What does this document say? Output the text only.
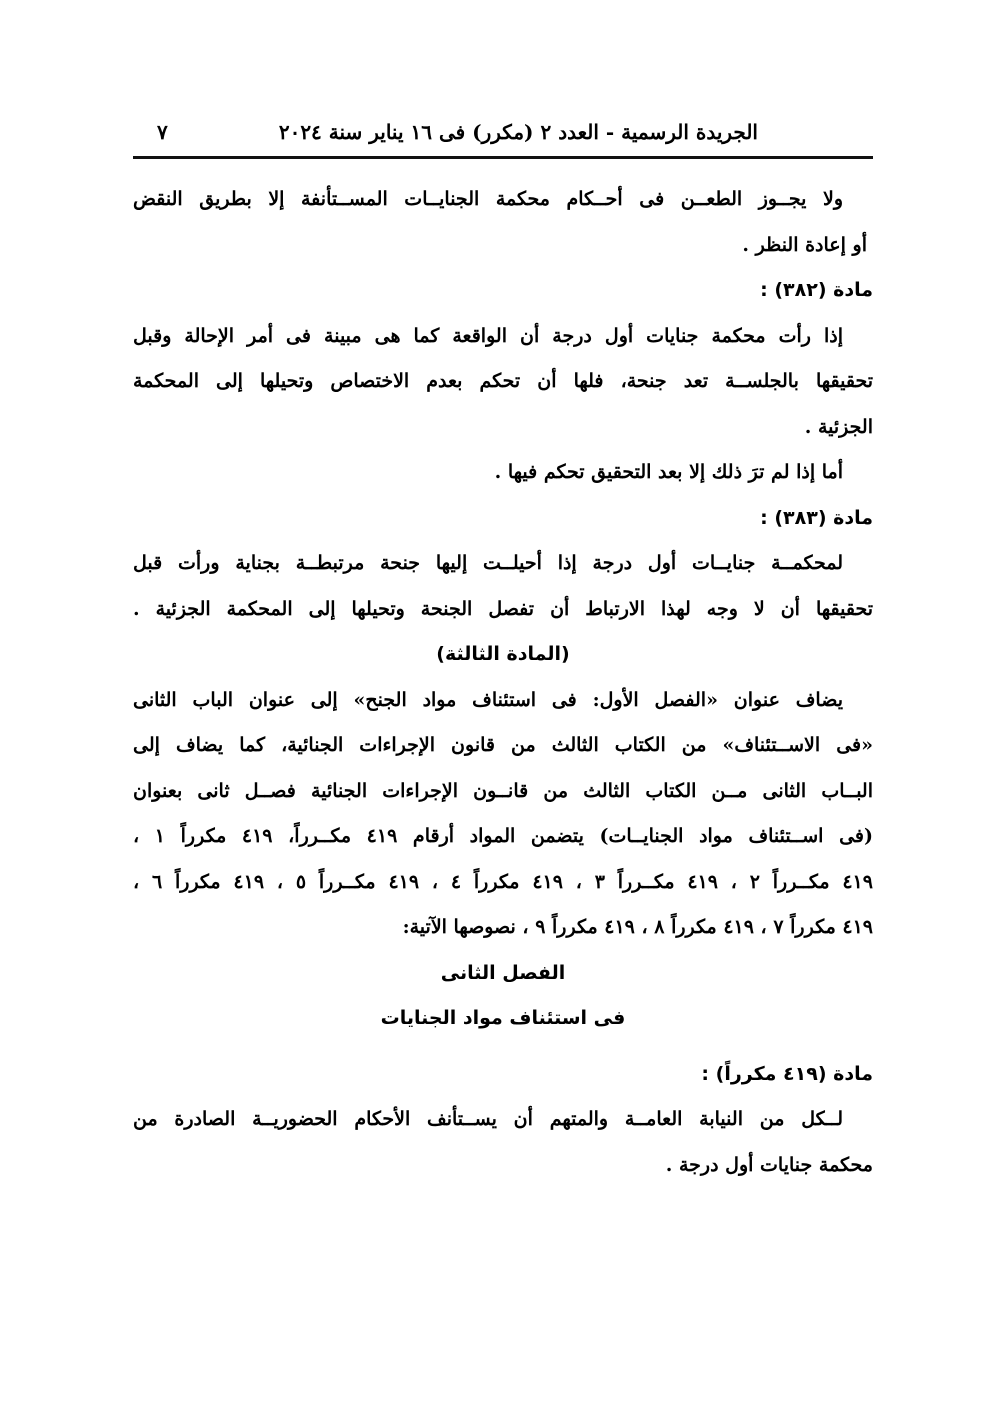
الجريدة الرسمية - العدد ٢ (مكرر) فى ١٦ يناير سنة ٢٠٢٤
٧
ولا يجــوز الطعــن فى أحــكام محكمة الجنايــات المســتأنفة إلا بطريق النقض
أو إعادة النظر .
مادة (٣٨٢) :
إذا رأت محكمة جنايات أول درجة أن الواقعة كما هى مبينة فى أمر الإحالة وقبل
تحقيقها بالجلســة تعد جنحة، فلها أن تحكم بعدم الاختصاص وتحيلها إلى المحكمة
الجزئية .
أما إذا لم ترَ ذلك إلا بعد التحقيق تحكم فيها .
مادة (٣٨٣) :
لمحكمــة جنايــات أول درجة إذا أحيلــت إليها جنحة مرتبطــة بجناية ورأت قبل
تحقيقها أن لا وجه لهذا الارتباط أن تفصل الجنحة وتحيلها إلى المحكمة الجزئية .
(المادة الثالثة)
يضاف عنوان «الفصل الأول: فى استئناف مواد الجنح» إلى عنوان الباب الثانى
«فى الاســتئناف» من الكتاب الثالث من قانون الإجراءات الجنائية، كما يضاف إلى
البــاب الثانى مــن الكتاب الثالث من قانــون الإجراءات الجنائية فصــل ثانى بعنوان
(فى اســتئناف مواد الجنايــات) يتضمن المواد أرقام ٤١٩ مكــرراً، ٤١٩ مكرراً ١ ،
٤١٩ مكــرراً ٢ ، ٤١٩ مكــرراً ٣ ، ٤١٩ مكرراً ٤ ، ٤١٩ مكــرراً ٥ ، ٤١٩ مكرراً ٦ ،
٤١٩ مكرراً ٧ ، ٤١٩ مكرراً ٨ ، ٤١٩ مكرراً ٩ ، نصوصها الآتية:
الفصل الثانى
فى استئناف مواد الجنايات
مادة (٤١٩ مكرراً) :
لــكل من النيابة العامــة والمتهم أن يســتأنف الأحكام الحضوريــة الصادرة من
محكمة جنايات أول درجة .
